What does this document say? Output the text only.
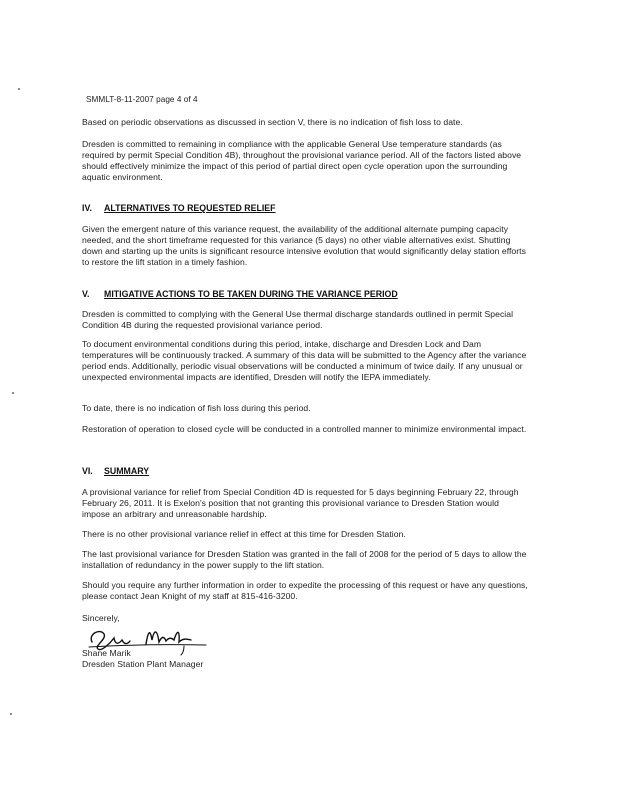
SMMLT-8-11-2007 page 4 of 4
Based on periodic observations as discussed in section V, there is no indication of fish loss to date.
Dresden is committed to remaining in compliance with the applicable General Use temperature standards (as required by permit Special Condition 4B), throughout the provisional variance period. All of the factors listed above should effectively minimize the impact of this period of partial direct open cycle operation upon the surrounding aquatic environment.
IV. ALTERNATIVES TO REQUESTED RELIEF
Given the emergent nature of this variance request, the availability of the additional alternate pumping capacity needed, and the short timeframe requested for this variance (5 days) no other viable alternatives exist. Shutting down and starting up the units is significant resource intensive evolution that would significantly delay station efforts to restore the lift station in a timely fashion.
V. MITIGATIVE ACTIONS TO BE TAKEN DURING THE VARIANCE PERIOD
Dresden is committed to complying with the General Use thermal discharge standards outlined in permit Special Condition 4B during the requested provisional variance period.
To document environmental conditions during this period, intake, discharge and Dresden Lock and Dam temperatures will be continuously tracked. A summary of this data will be submitted to the Agency after the variance period ends. Additionally, periodic visual observations will be conducted a minimum of twice daily. If any unusual or unexpected environmental impacts are identified, Dresden will notify the IEPA immediately.
To date, there is no indication of fish loss during this period.
Restoration of operation to closed cycle will be conducted in a controlled manner to minimize environmental impact.
VI. SUMMARY
A provisional variance for relief from Special Condition 4D is requested for 5 days beginning February 22, through February 26, 2011. It is Exelon's position that not granting this provisional variance to Dresden Station would impose an arbitrary and unreasonable hardship.
There is no other provisional variance relief in effect at this time for Dresden Station.
The last provisional variance for Dresden Station was granted in the fall of 2008 for the period of 5 days to allow the installation of redundancy in the power supply to the lift station.
Should you require any further information in order to expedite the processing of this request or have any questions, please contact Jean Knight of my staff at 815-416-3200.
Sincerely,
Shane Marik
Dresden Station Plant Manager
